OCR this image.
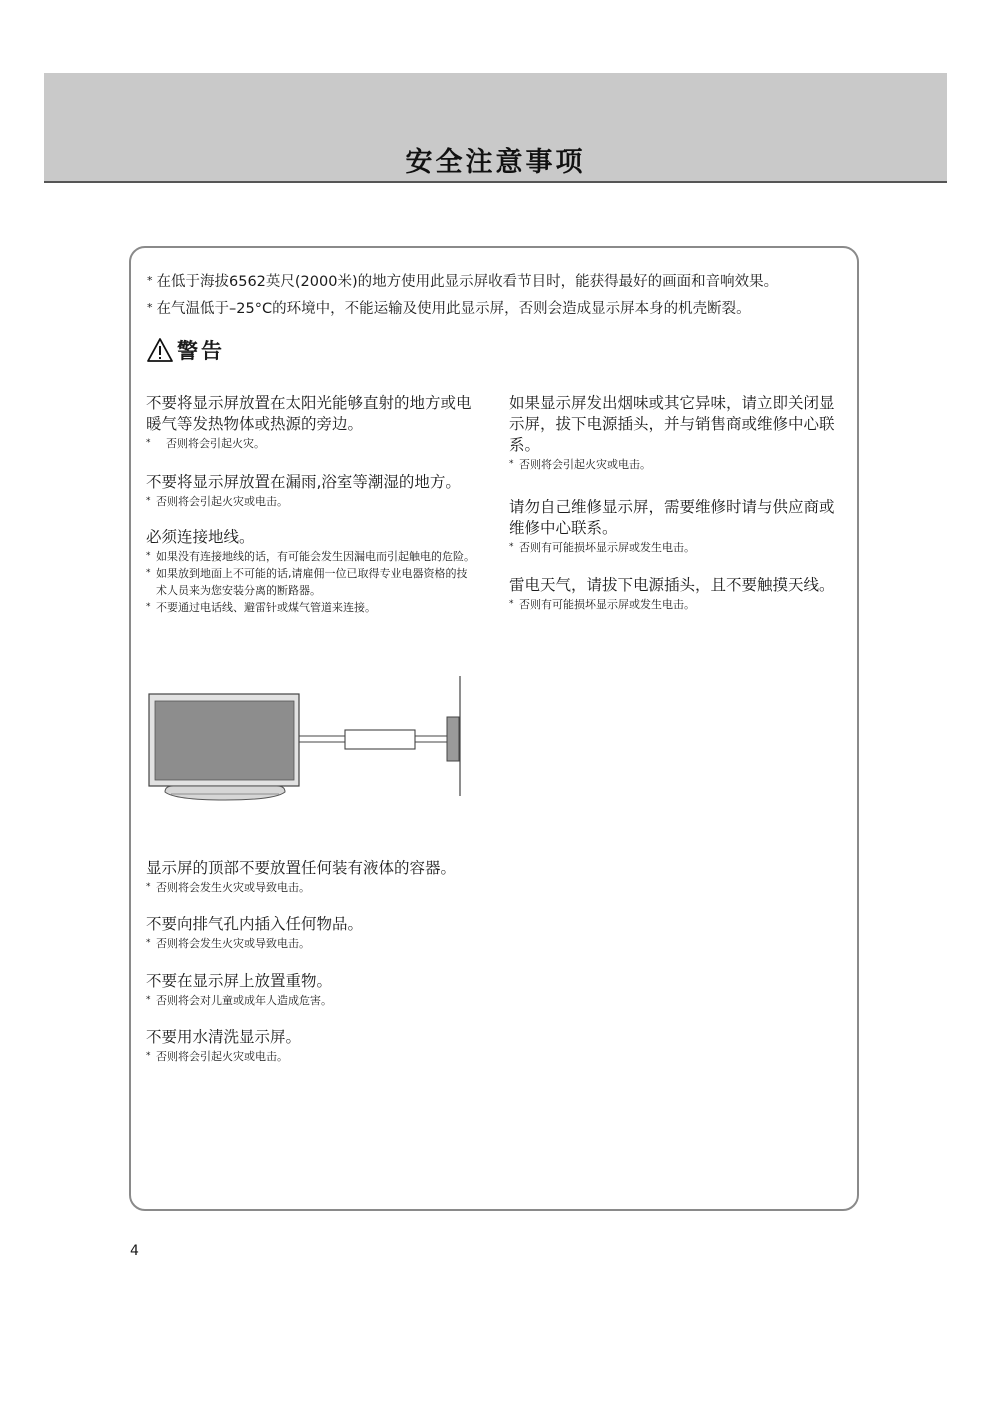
安全注意事项
* 在低于海拔6562英尺(2000米)的地方使用此显示屏收看节目时，能获得最好的画面和音响效果。
* 在气温低于–25°C的环境中，不能运输及使用此显示屏，否则会造成显示屏本身的机壳断裂。
警告
不要将显示屏放置在太阳光能够直射的地方或电暖气等发热物体或热源的旁边。
*	否则将会引起火灾。
不要将显示屏放置在漏雨,浴室等潮湿的地方。
* 否则将会引起火灾或电击。
必须连接地线。
* 如果没有连接地线的话，有可能会发生因漏电而引起触电的危险。
* 如果放到地面上不可能的话,请雇佣一位已取得专业电器资格的技术人员来为您安装分离的断路器。
* 不要通过电话线、避雷针或煤气管道来连接。
如果显示屏发出烟味或其它异味，请立即关闭显示屏，拔下电源插头，并与销售商或维修中心联系。
* 否则将会引起火灾或电击。
请勿自己维修显示屏，需要维修时请与供应商或维修中心联系。
* 否则有可能损坏显示屏或发生电击。
雷电天气，请拔下电源插头，且不要触摸天线。
* 否则有可能损坏显示屏或发生电击。
显示屏的顶部不要放置任何装有液体的容器。
* 否则将会发生火灾或导致电击。
不要向排气孔内插入任何物品。
* 否则将会发生火灾或导致电击。
不要在显示屏上放置重物。
* 否则将会对儿童或成年人造成危害。
不要用水清洗显示屏。
* 否则将会引起火灾或电击。
4
